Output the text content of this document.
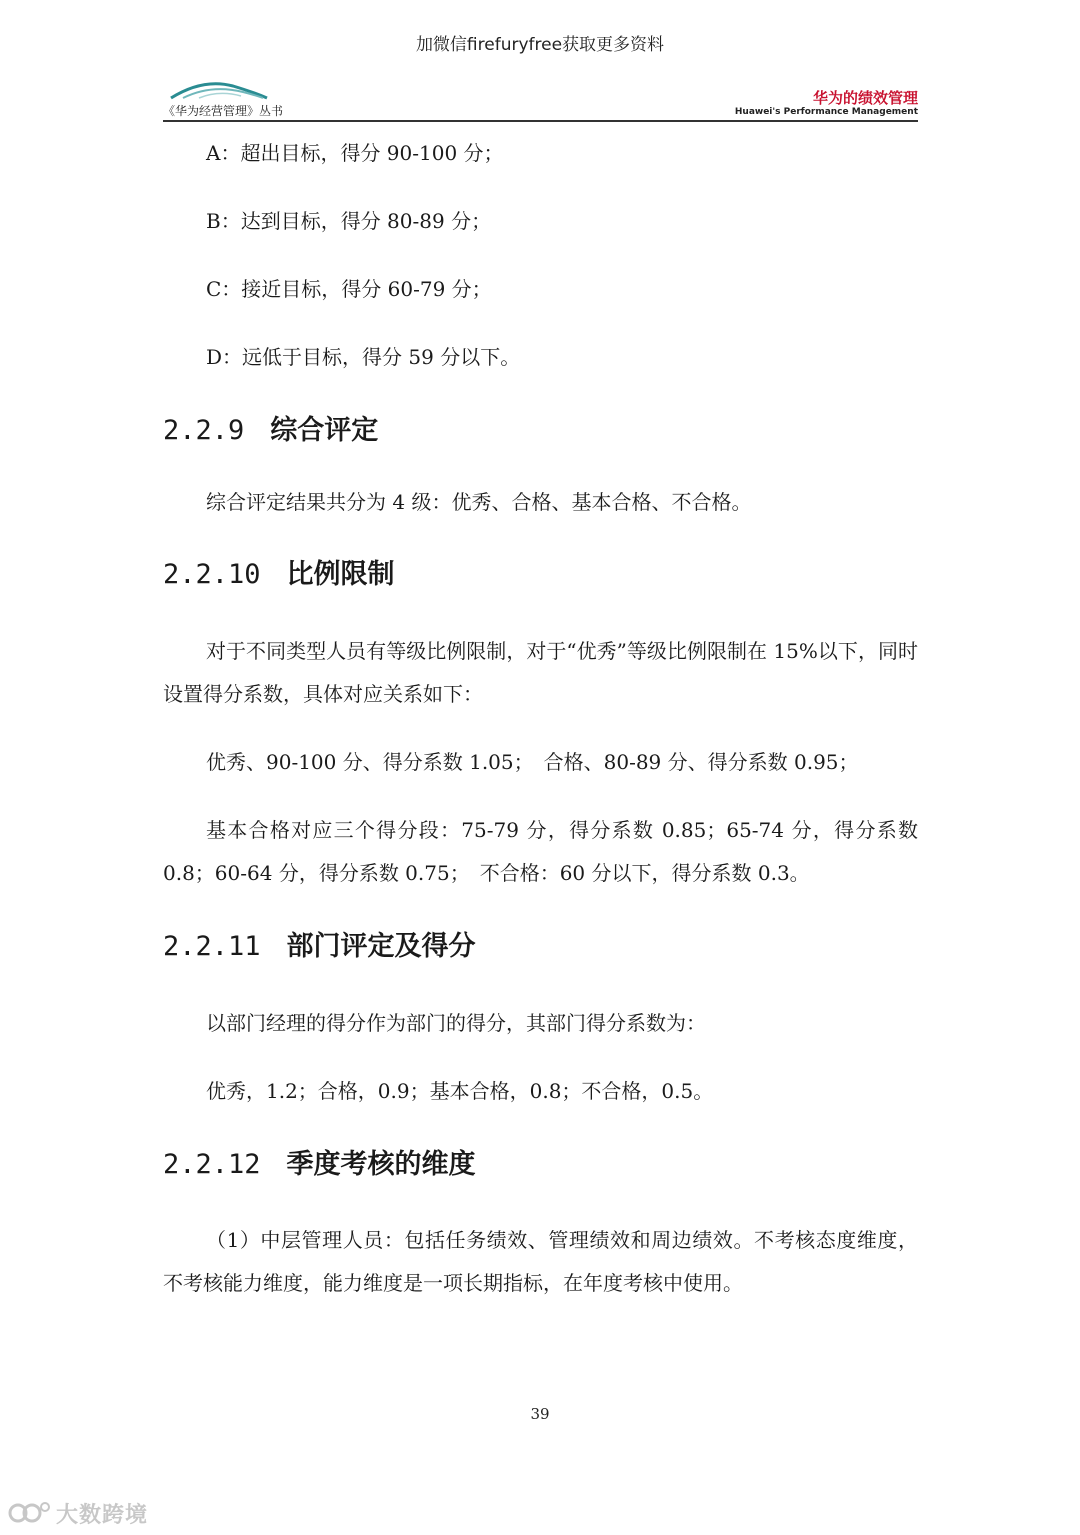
加微信firefuryfree获取更多资料
《华为经营管理》丛书
华为的绩效管理
Huawei's Performance Management

A：超出目标，得分 90-100 分；

B：达到目标，得分 80-89 分；

C：接近目标，得分 60-79 分；

D：远低于目标，得分 59 分以下。

2.2.9 综合评定

综合评定结果共分为 4 级：优秀、合格、基本合格、不合格。

2.2.10 比例限制

对于不同类型人员有等级比例限制，对于“优秀”等级比例限制在 15%以下，同时设置得分系数，具体对应关系如下：

优秀、90-100 分、得分系数 1.05；　合格、80-89 分、得分系数 0.95；

基本合格对应三个得分段：75-79 分，得分系数 0.85；65-74 分，得分系数 0.8；60-64 分，得分系数 0.75；　不合格：60 分以下，得分系数 0.3。

2.2.11 部门评定及得分

以部门经理的得分作为部门的得分，其部门得分系数为：

优秀，1.2；合格，0.9；基本合格，0.8；不合格，0.5。

2.2.12 季度考核的维度

（1）中层管理人员：包括任务绩效、管理绩效和周边绩效。不考核态度维度，不考核能力维度，能力维度是一项长期指标，在年度考核中使用。

39
大数跨境
